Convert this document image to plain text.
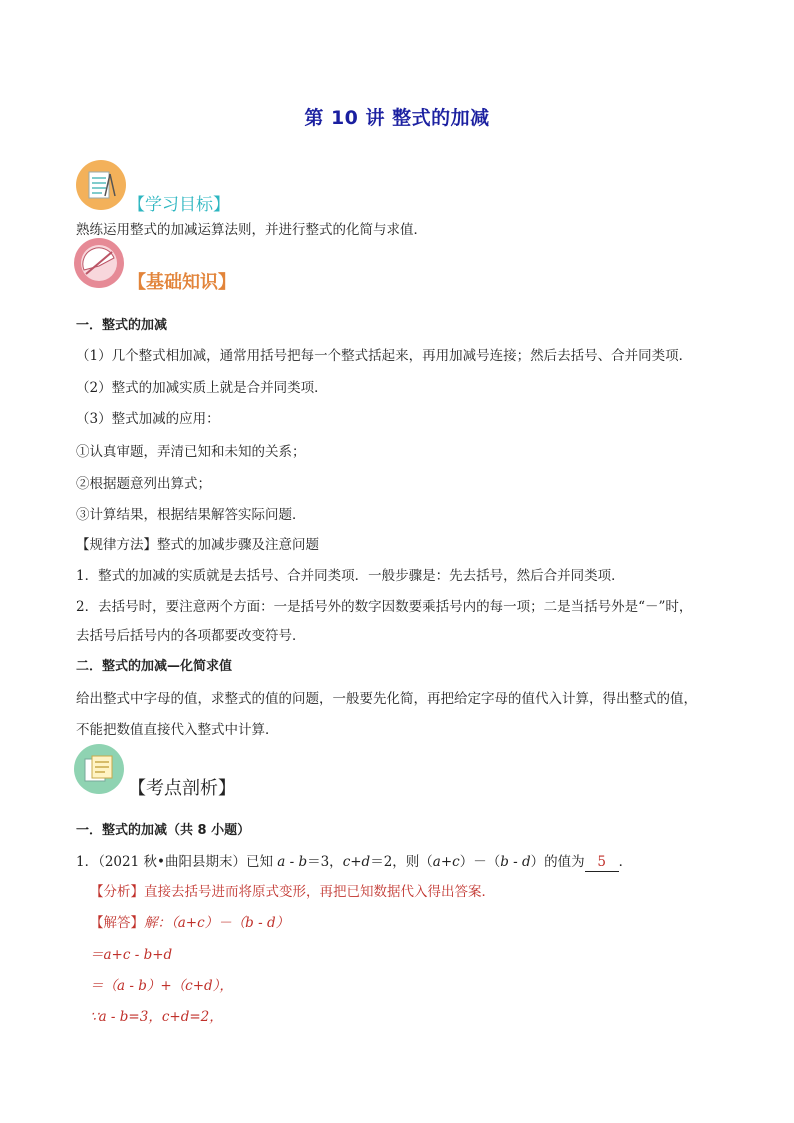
第 10 讲 整式的加减
【学习目标】
熟练运用整式的加减运算法则，并进行整式的化简与求值．
【基础知识】
一．整式的加减
（1）几个整式相加减，通常用括号把每一个整式括起来，再用加减号连接；然后去括号、合并同类项．
（2）整式的加减实质上就是合并同类项．
（3）整式加减的应用：
①认真审题，弄清已知和未知的关系；
②根据题意列出算式；
③计算结果，根据结果解答实际问题．
【规律方法】整式的加减步骤及注意问题
1．整式的加减的实质就是去括号、合并同类项．一般步骤是：先去括号，然后合并同类项．
2．去括号时，要注意两个方面：一是括号外的数字因数要乘括号内的每一项；二是当括号外是“－”时，
去括号后括号内的各项都要改变符号．
二．整式的加减—化简求值
给出整式中字母的值，求整式的值的问题，一般要先化简，再把给定字母的值代入计算，得出整式的值，
不能把数值直接代入整式中计算．
【考点剖析】
一．整式的加减（共 8 小题）
1．（2021 秋•曲阳县期末）已知 a - b＝3，c+d＝2，则（a+c）－（b - d）的值为 5 ．
【分析】直接去括号进而将原式变形，再把已知数据代入得出答案．
【解答】解：（a+c）－（b - d）
＝a+c - b+d
＝（a - b）+（c+d），
∵a - b=3，c+d=2，
